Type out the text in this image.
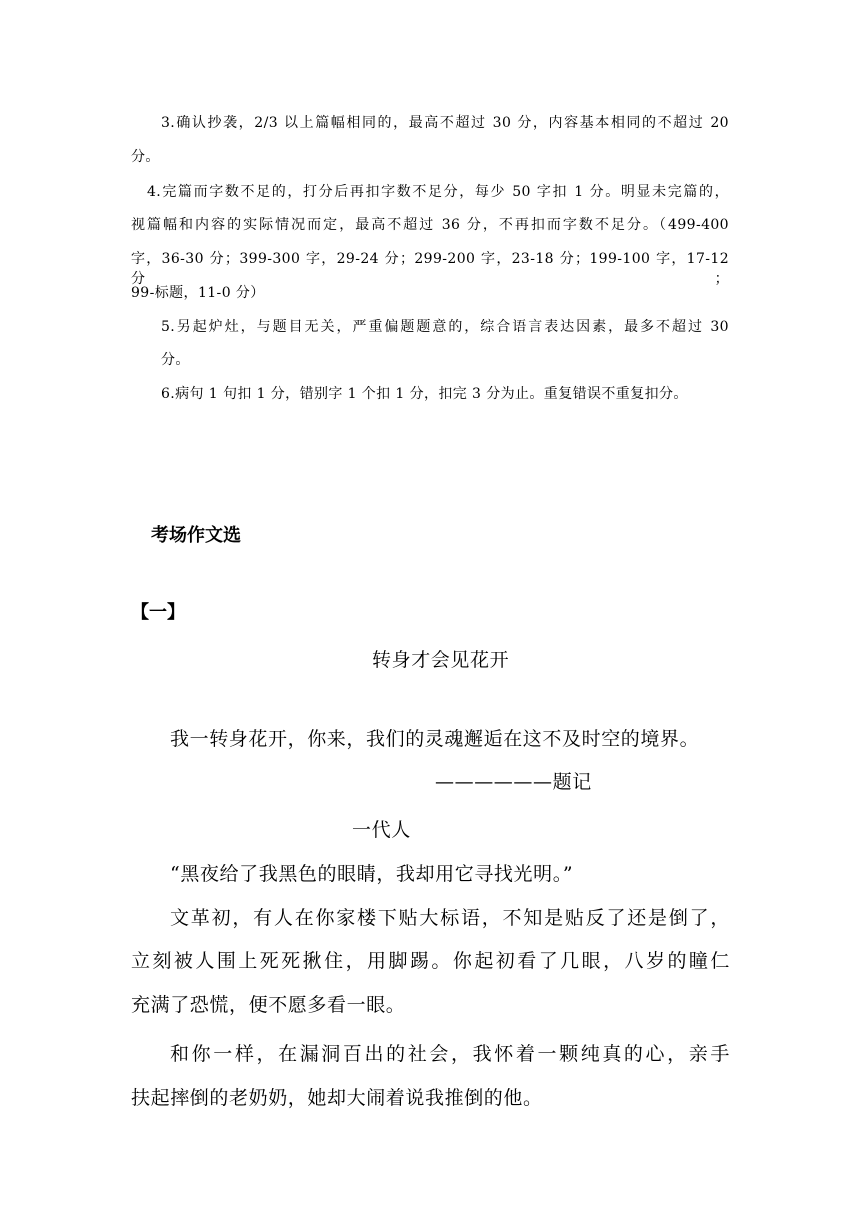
3.确认抄袭，2/3 以上篇幅相同的，最高不超过 30 分，内容基本相同的不超过 20

分。

4.完篇而字数不足的，打分后再扣字数不足分，每少 50 字扣 1 分。明显未完篇的，

视篇幅和内容的实际情况而定，最高不超过 36 分，不再扣而字数不足分。（499-400

字，36-30 分；399-300 字，29-24 分；299-200 字，23-18 分；199-100 字，17-12 分；

99-标题，11-0 分）

5.另起炉灶，与题目无关，严重偏题题意的，综合语言表达因素，最多不超过 30

分。

6.病句 1 句扣 1 分，错别字 1 个扣 1 分，扣完 3 分为止。重复错误不重复扣分。

考场作文选

【一】

转身才会见花开

我一转身花开，你来，我们的灵魂邂逅在这不及时空的境界。

——————题记

一代人

“黑夜给了我黑色的眼睛，我却用它寻找光明。”

文革初，有人在你家楼下贴大标语，不知是贴反了还是倒了，

立刻被人围上死死揪住，用脚踢。你起初看了几眼，八岁的瞳仁

充满了恐慌，便不愿多看一眼。

和你一样，在漏洞百出的社会，我怀着一颗纯真的心，亲手

扶起摔倒的老奶奶，她却大闹着说我推倒的他。
